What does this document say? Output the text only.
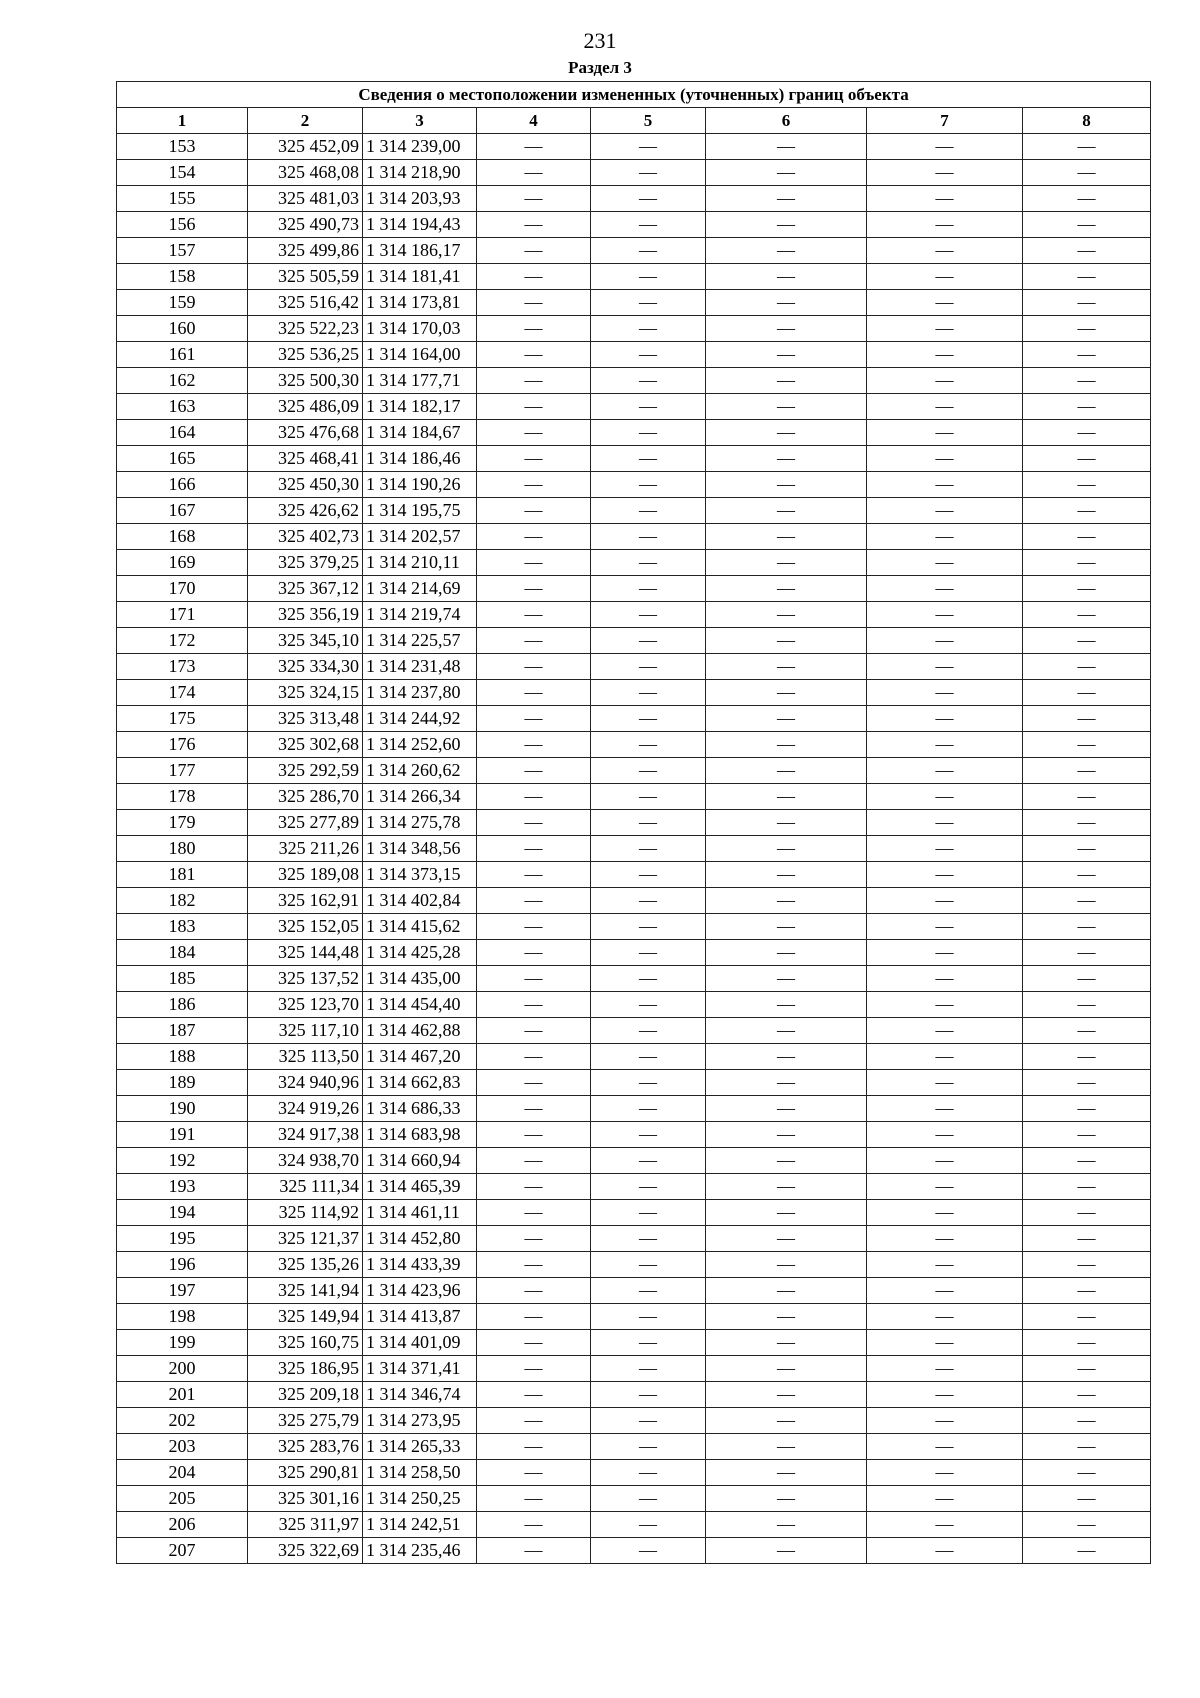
231
Раздел 3
Сведения о местоположении измененных (уточненных) границ объекта							
1	2	3	4	5	6	7	8
153	325 452,09	1 314 239,00	—	—	—	—	—
154	325 468,08	1 314 218,90	—	—	—	—	—
155	325 481,03	1 314 203,93	—	—	—	—	—
156	325 490,73	1 314 194,43	—	—	—	—	—
157	325 499,86	1 314 186,17	—	—	—	—	—
158	325 505,59	1 314 181,41	—	—	—	—	—
159	325 516,42	1 314 173,81	—	—	—	—	—
160	325 522,23	1 314 170,03	—	—	—	—	—
161	325 536,25	1 314 164,00	—	—	—	—	—
162	325 500,30	1 314 177,71	—	—	—	—	—
163	325 486,09	1 314 182,17	—	—	—	—	—
164	325 476,68	1 314 184,67	—	—	—	—	—
165	325 468,41	1 314 186,46	—	—	—	—	—
166	325 450,30	1 314 190,26	—	—	—	—	—
167	325 426,62	1 314 195,75	—	—	—	—	—
168	325 402,73	1 314 202,57	—	—	—	—	—
169	325 379,25	1 314 210,11	—	—	—	—	—
170	325 367,12	1 314 214,69	—	—	—	—	—
171	325 356,19	1 314 219,74	—	—	—	—	—
172	325 345,10	1 314 225,57	—	—	—	—	—
173	325 334,30	1 314 231,48	—	—	—	—	—
174	325 324,15	1 314 237,80	—	—	—	—	—
175	325 313,48	1 314 244,92	—	—	—	—	—
176	325 302,68	1 314 252,60	—	—	—	—	—
177	325 292,59	1 314 260,62	—	—	—	—	—
178	325 286,70	1 314 266,34	—	—	—	—	—
179	325 277,89	1 314 275,78	—	—	—	—	—
180	325 211,26	1 314 348,56	—	—	—	—	—
181	325 189,08	1 314 373,15	—	—	—	—	—
182	325 162,91	1 314 402,84	—	—	—	—	—
183	325 152,05	1 314 415,62	—	—	—	—	—
184	325 144,48	1 314 425,28	—	—	—	—	—
185	325 137,52	1 314 435,00	—	—	—	—	—
186	325 123,70	1 314 454,40	—	—	—	—	—
187	325 117,10	1 314 462,88	—	—	—	—	—
188	325 113,50	1 314 467,20	—	—	—	—	—
189	324 940,96	1 314 662,83	—	—	—	—	—
190	324 919,26	1 314 686,33	—	—	—	—	—
191	324 917,38	1 314 683,98	—	—	—	—	—
192	324 938,70	1 314 660,94	—	—	—	—	—
193	325 111,34	1 314 465,39	—	—	—	—	—
194	325 114,92	1 314 461,11	—	—	—	—	—
195	325 121,37	1 314 452,80	—	—	—	—	—
196	325 135,26	1 314 433,39	—	—	—	—	—
197	325 141,94	1 314 423,96	—	—	—	—	—
198	325 149,94	1 314 413,87	—	—	—	—	—
199	325 160,75	1 314 401,09	—	—	—	—	—
200	325 186,95	1 314 371,41	—	—	—	—	—
201	325 209,18	1 314 346,74	—	—	—	—	—
202	325 275,79	1 314 273,95	—	—	—	—	—
203	325 283,76	1 314 265,33	—	—	—	—	—
204	325 290,81	1 314 258,50	—	—	—	—	—
205	325 301,16	1 314 250,25	—	—	—	—	—
206	325 311,97	1 314 242,51	—	—	—	—	—
207	325 322,69	1 314 235,46	—	—	—	—	—
